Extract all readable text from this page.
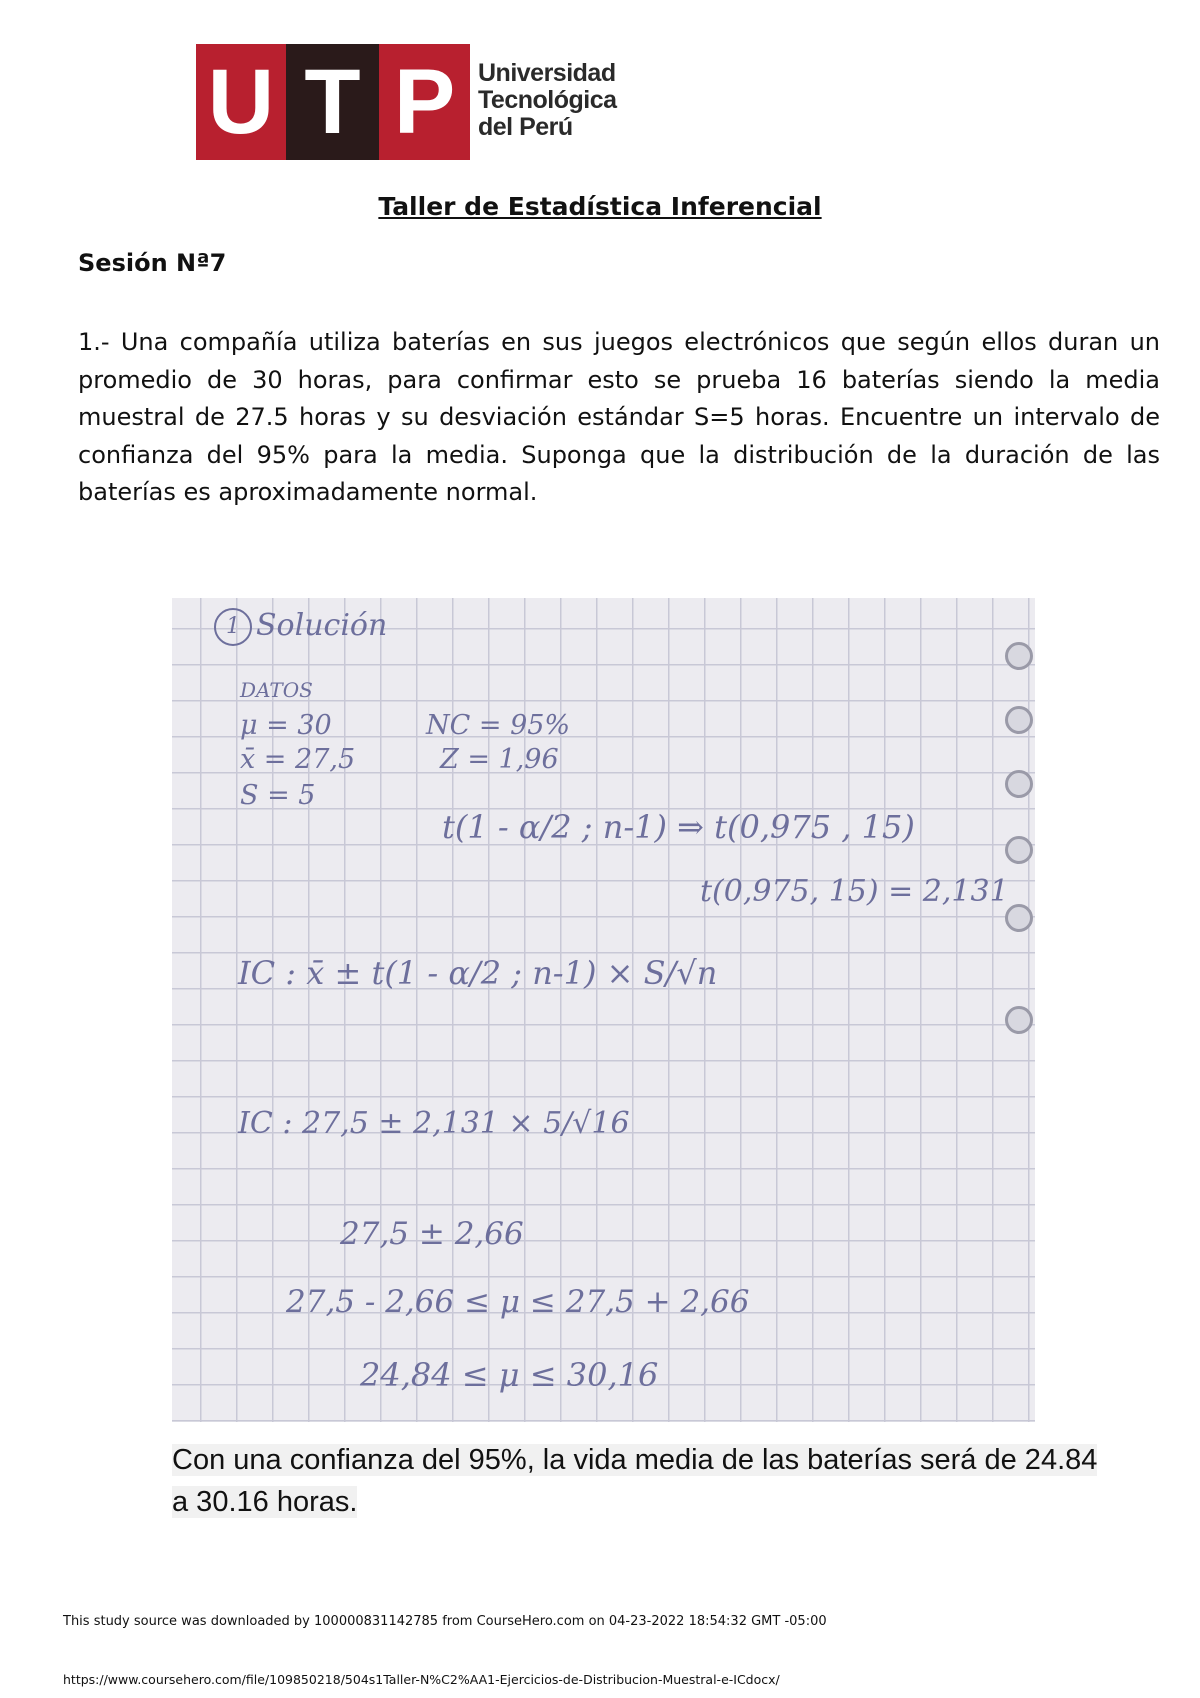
U T P Universidad
Tecnológica
del Perú
Taller de Estadística Inferencial
Sesión Nª7
1.- Una compañía utiliza baterías en sus juegos electrónicos que según ellos duran un promedio de 30 horas, para confirmar esto se prueba 16 baterías siendo la media muestral de 27.5 horas y su desviación estándar S=5 horas. Encuentre un intervalo de confianza del 95% para la media. Suponga que la distribución de la duración de las baterías es aproximadamente normal.
1 Solución
DATOS
μ = 30
x̄ = 27,5
S = 5
NC = 95%
Z = 1,96
t(1 - α/2 ; n-1) ⇒ t(0,975 , 15)
t(0,975, 15) = 2,131
IC : x̄ ± t(1 - α/2 ; n-1) × S/√n
IC : 27,5 ± 2,131 × 5/√16
27,5 ± 2,66
27,5 - 2,66 ≤ μ ≤ 27,5 + 2,66
24,84 ≤ μ ≤ 30,16
Con una confianza del 95%, la vida media de las baterías será de 24.84 a 30.16 horas.
This study source was downloaded by 100000831142785 from CourseHero.com on 04-23-2022 18:54:32 GMT -05:00
https://www.coursehero.com/file/109850218/504s1Taller-N%C2%AA1-Ejercicios-de-Distribucion-Muestral-e-ICdocx/
